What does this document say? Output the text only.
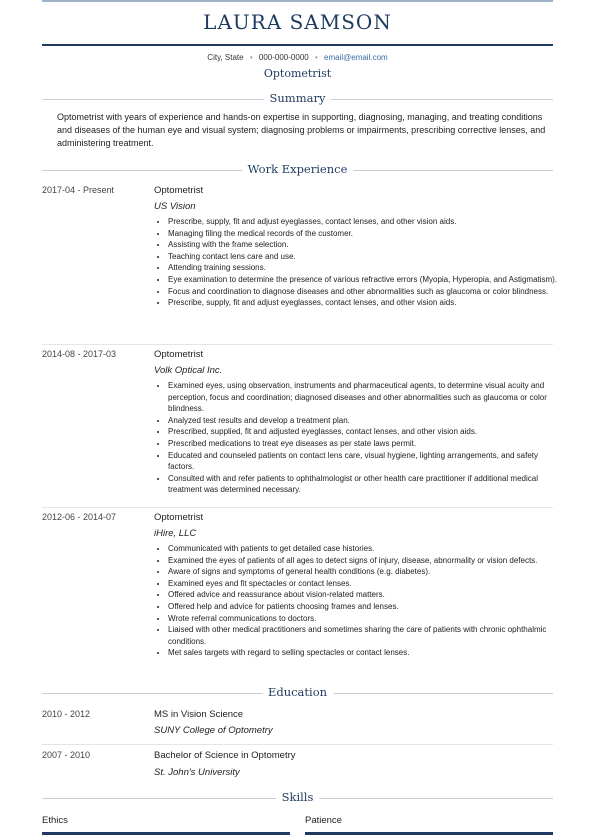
LAURA SAMSON
City, State • 000-000-0000 • email@email.com
Optometrist
Summary
Optometrist with years of experience and hands-on expertise in supporting, diagnosing, managing, and treating conditions and diseases of the human eye and visual system; diagnosing problems or impairments, prescribing corrective lenses, and administering treatment.
Work Experience
2017-04 - Present	Optometrist
US Vision
• Prescribe, supply, fit and adjust eyeglasses, contact lenses, and other vision aids.
• Managing filing the medical records of the customer.
• Assisting with the frame selection.
• Teaching contact lens care and use.
• Attending training sessions.
• Eye examination to determine the presence of various refractive errors (Myopia, Hyperopia, and Astigmatism).
• Focus and coordination to diagnose diseases and other abnormalities such as glaucoma or color blindness.
• Prescribe, supply, fit and adjust eyeglasses, contact lenses, and other vision aids.
2014-08 - 2017-03	Optometrist
Volk Optical Inc.
• Examined eyes, using observation, instruments and pharmaceutical agents, to determine visual acuity and perception, focus and coordination; diagnosed diseases and other abnormalities such as glaucoma or color blindness.
• Analyzed test results and develop a treatment plan.
• Prescribed, supplied, fit and adjusted eyeglasses, contact lenses, and other vision aids.
• Prescribed medications to treat eye diseases as per state laws permit.
• Educated and counseled patients on contact lens care, visual hygiene, lighting arrangements, and safety factors.
• Consulted with and refer patients to ophthalmologist or other health care practitioner if additional medical treatment was determined necessary.
2012-06 - 2014-07	Optometrist
iHire, LLC
• Communicated with patients to get detailed case histories.
• Examined the eyes of patients of all ages to detect signs of injury, disease, abnormality or vision defects.
• Aware of signs and symptoms of general health conditions (e.g. diabetes).
• Examined eyes and fit spectacles or contact lenses.
• Offered advice and reassurance about vision-related matters.
• Offered help and advice for patients choosing frames and lenses.
• Wrote referral communications to doctors.
• Liaised with other medical practitioners and sometimes sharing the care of patients with chronic ophthalmic conditions.
• Met sales targets with regard to selling spectacles or contact lenses.
Education
2010 - 2012	MS in Vision Science
SUNY College of Optometry
2007 - 2010	Bachelor of Science in Optometry
St. John's University
Skills
Ethics	Patience
